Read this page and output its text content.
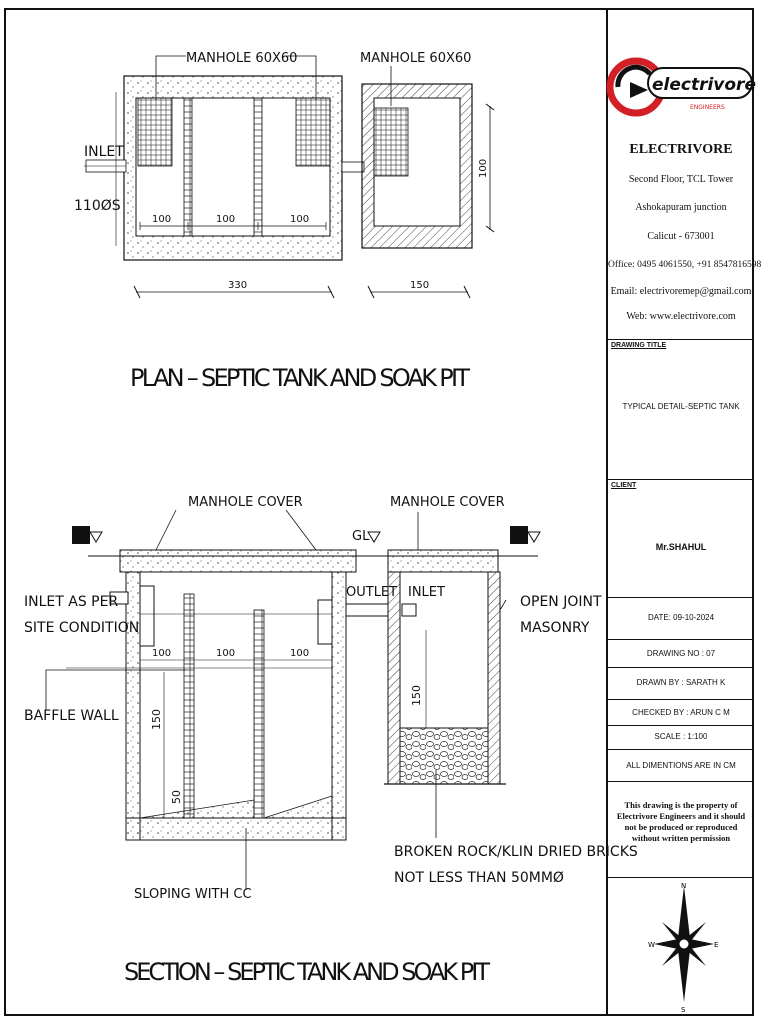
MANHOLE 60X60	MANHOLE 60X60
INLET
110ØS
100	100	100
330	150
100
PLAN – SEPTIC TANK AND SOAK PIT
MANHOLE COVER	MANHOLE COVER
GL
INLET AS PER
SITE CONDITION
OUTLET INLET
OPEN JOINT
MASONRY
BAFFLE WALL
100	100	100
150
50
150
SLOPING WITH CC
BROKEN ROCK/KLIN DRIED BRICKS
NOT LESS THAN 50MMØ
SECTION – SEPTIC TANK AND SOAK PIT
electrivore
ENGINEERS
ELECTRIVORE
Second Floor, TCL Tower
Ashokapuram junction
Calicut - 673001
Office: 0495 4061550, +91 8547816598
Email: electrivoremep@gmail.com
Web: www.electrivore.com
DRAWING TITLE
TYPICAL DETAIL-SEPTIC TANK
CLIENT
Mr.SHAHUL
DATE: 09-10-2024
DRAWING NO : 07
DRAWN BY : SARATH K
CHECKED BY : ARUN C M
SCALE : 1:100
ALL DIMENTIONS ARE IN CM
This drawing is the property of Electrivore Engineers and it should not be produced or reproduced without written permission
N
S
W	E
